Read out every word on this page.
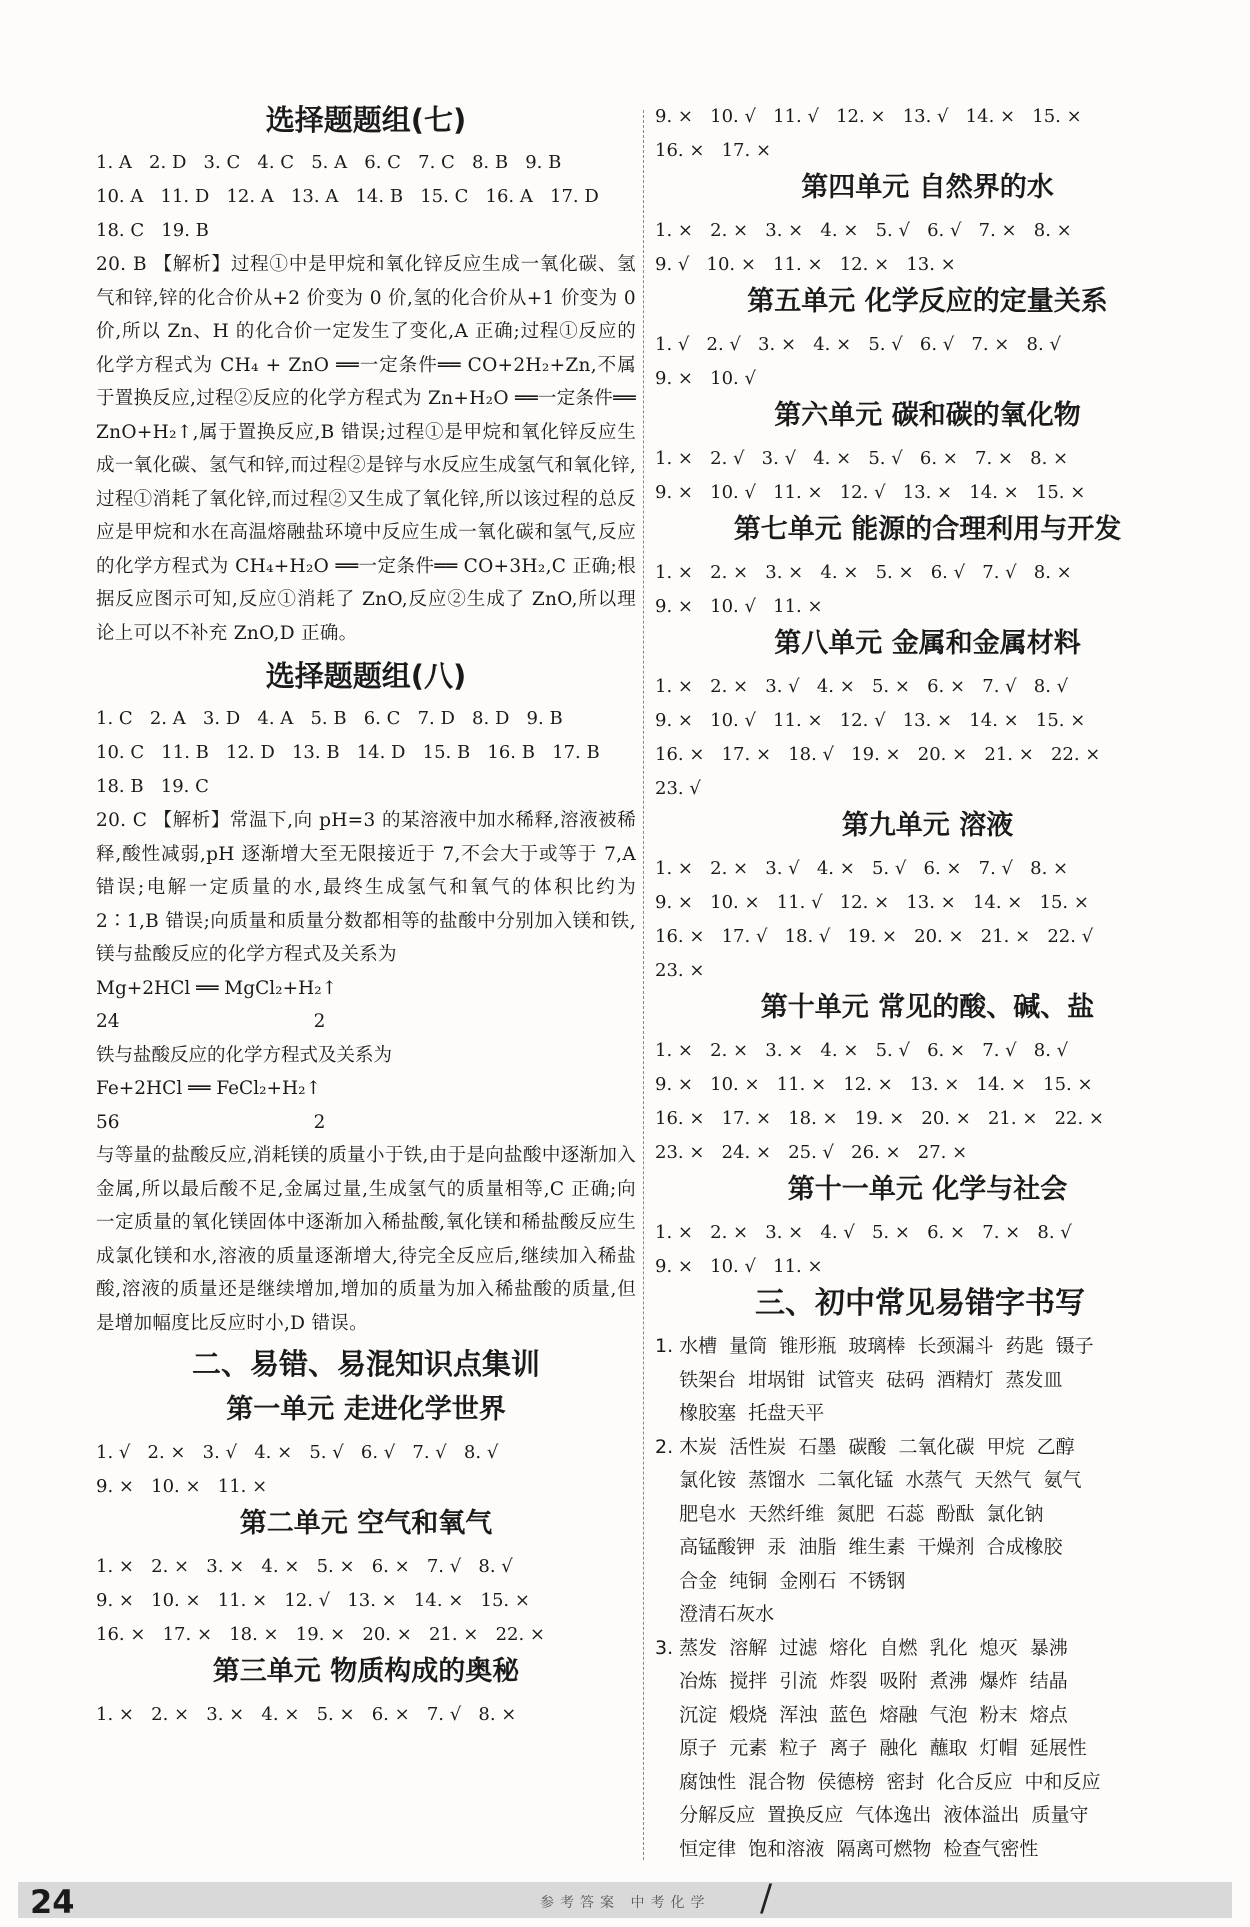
选择题题组(七)

1. A   2. D   3. C   4. C   5. A   6. C   7. C   8. B   9. B

10. A   11. D   12. A   13. A   14. B   15. C   16. A   17. D

18. C   19. B

20. B 【解析】过程①中是甲烷和氧化锌反应生成一氧化碳、氢气和锌,锌的化合价从+2 价变为 0 价,氢的化合价从+1 价变为 0 价,所以 Zn、H 的化合价一定发生了变化,A 正确;过程①反应的化学方程式为 CH₄ + ZnO ══一定条件══ CO+2H₂+Zn,不属于置换反应,过程②反应的化学方程式为 Zn+H₂O ══一定条件══ ZnO+H₂↑,属于置换反应,B 错误;过程①是甲烷和氧化锌反应生成一氧化碳、氢气和锌,而过程②是锌与水反应生成氢气和氧化锌,过程①消耗了氧化锌,而过程②又生成了氧化锌,所以该过程的总反应是甲烷和水在高温熔融盐环境中反应生成一氧化碳和氢气,反应的化学方程式为 CH₄+H₂O ══一定条件══ CO+3H₂,C 正确;根据反应图示可知,反应①消耗了 ZnO,反应②生成了 ZnO,所以理论上可以不补充 ZnO,D 正确。

选择题题组(八)

1. C   2. A   3. D   4. A   5. B   6. C   7. D   8. D   9. B

10. C   11. B   12. D   13. B   14. D   15. B   16. B   17. B

18. B   19. C

20. C 【解析】常温下,向 pH=3 的某溶液中加水稀释,溶液被稀释,酸性减弱,pH 逐渐增大至无限接近于 7,不会大于或等于 7,A 错误;电解一定质量的水,最终生成氢气和氧气的体积比约为 2∶1,B 错误;向质量和质量分数都相等的盐酸中分别加入镁和铁,镁与盐酸反应的化学方程式及关系为

Mg+2HCl ══ MgCl₂+H₂↑

24                                 2

铁与盐酸反应的化学方程式及关系为

Fe+2HCl ══ FeCl₂+H₂↑

56                                 2

与等量的盐酸反应,消耗镁的质量小于铁,由于是向盐酸中逐渐加入金属,所以最后酸不足,金属过量,生成氢气的质量相等,C 正确;向一定质量的氧化镁固体中逐渐加入稀盐酸,氧化镁和稀盐酸反应生成氯化镁和水,溶液的质量逐渐增大,待完全反应后,继续加入稀盐酸,溶液的质量还是继续增加,增加的质量为加入稀盐酸的质量,但是增加幅度比反应时小,D 错误。

二、易错、易混知识点集训
第一单元 走进化学世界

1. √   2. ×   3. √   4. ×   5. √   6. √   7. √   8. √

9. ×   10. ×   11. ×

第二单元 空气和氧气

1. ×   2. ×   3. ×   4. ×   5. ×   6. ×   7. √   8. √

9. ×   10. ×   11. ×   12. √   13. ×   14. ×   15. ×

16. ×   17. ×   18. ×   19. ×   20. ×   21. ×   22. ×

第三单元 物质构成的奥秘

1. ×   2. ×   3. ×   4. ×   5. ×   6. ×   7. √   8. ×

9. ×   10. √   11. √   12. ×   13. √   14. ×   15. ×

16. ×   17. ×

第四单元 自然界的水

1. ×   2. ×   3. ×   4. ×   5. √   6. √   7. ×   8. ×

9. √   10. ×   11. ×   12. ×   13. ×

第五单元 化学反应的定量关系

1. √   2. √   3. ×   4. ×   5. √   6. √   7. ×   8. √

9. ×   10. √

第六单元 碳和碳的氧化物

1. ×   2. √   3. √   4. ×   5. √   6. ×   7. ×   8. ×

9. ×   10. √   11. ×   12. √   13. ×   14. ×   15. ×

第七单元 能源的合理利用与开发

1. ×   2. ×   3. ×   4. ×   5. ×   6. √   7. √   8. ×

9. ×   10. √   11. ×

第八单元 金属和金属材料

1. ×   2. ×   3. √   4. ×   5. ×   6. ×   7. √   8. √

9. ×   10. √   11. ×   12. √   13. ×   14. ×   15. ×

16. ×   17. ×   18. √   19. ×   20. ×   21. ×   22. ×

23. √

第九单元 溶液

1. ×   2. ×   3. √   4. ×   5. √   6. ×   7. √   8. ×

9. ×   10. ×   11. √   12. ×   13. ×   14. ×   15. ×

16. ×   17. √   18. √   19. ×   20. ×   21. ×   22. √

23. ×

第十单元 常见的酸、碱、盐

1. ×   2. ×   3. ×   4. ×   5. √   6. ×   7. √   8. √

9. ×   10. ×   11. ×   12. ×   13. ×   14. ×   15. ×

16. ×   17. ×   18. ×   19. ×   20. ×   21. ×   22. ×

23. ×   24. ×   25. √   26. ×   27. ×

第十一单元 化学与社会

1. ×   2. ×   3. ×   4. √   5. ×   6. ×   7. ×   8. √

9. ×   10. √   11. ×

三、初中常见易错字书写

1. 水槽  量筒  锥形瓶  玻璃棒  长颈漏斗  药匙  镊子

铁架台  坩埚钳  试管夹  砝码  酒精灯  蒸发皿

橡胶塞  托盘天平

2. 木炭  活性炭  石墨  碳酸  二氧化碳  甲烷  乙醇

氯化铵  蒸馏水  二氧化锰  水蒸气  天然气  氨气

肥皂水  天然纤维  氮肥  石蕊  酚酞  氯化钠

高锰酸钾  汞  油脂  维生素  干燥剂  合成橡胶

合金  纯铜  金刚石  不锈钢

澄清石灰水

3. 蒸发  溶解  过滤  熔化  自燃  乳化  熄灭  暴沸

冶炼  搅拌  引流  炸裂  吸附  煮沸  爆炸  结晶

沉淀  煅烧  浑浊  蓝色  熔融  气泡  粉末  熔点

原子  元素  粒子  离子  融化  蘸取  灯帽  延展性

腐蚀性  混合物  侯德榜  密封  化合反应  中和反应

分解反应  置换反应  气体逸出  液体溢出  质量守

恒定律  饱和溶液  隔离可燃物  检查气密性

24	参考答案 中考化学 /
